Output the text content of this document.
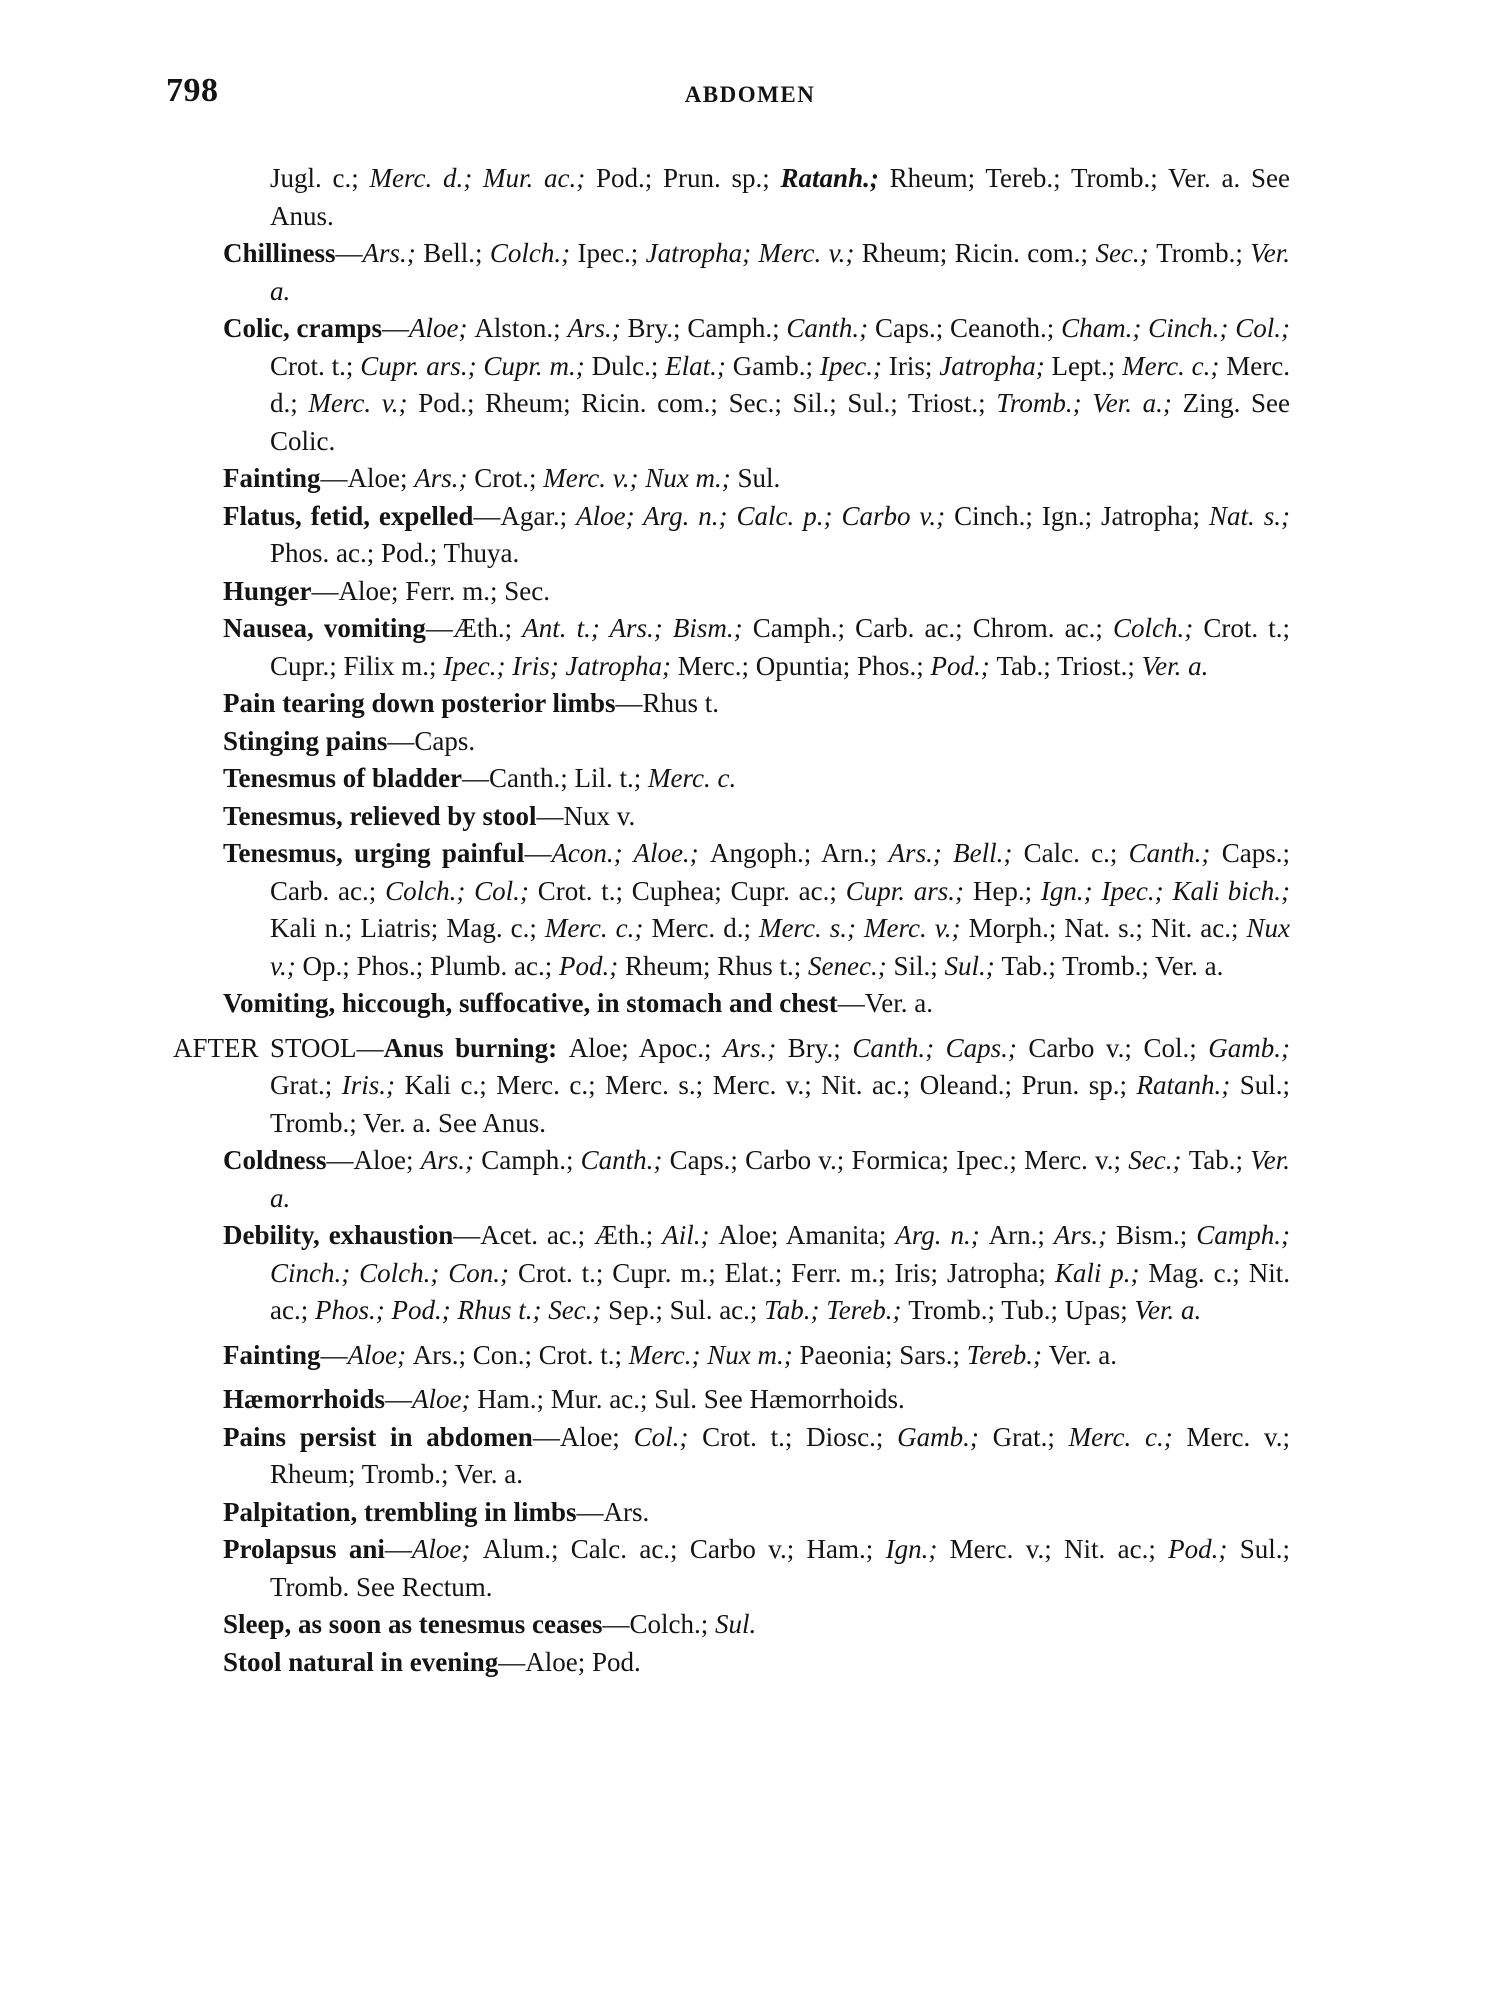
798	ABDOMEN
Jugl. c.; Merc. d.; Mur. ac.; Pod.; Prun. sp.; Ratanh.; Rheum; Tereb.; Tromb.; Ver. a. See Anus.
Chilliness—Ars.; Bell.; Colch.; Ipec.; Jatropha; Merc. v.; Rheum; Ricin. com.; Sec.; Tromb.; Ver. a.
Colic, cramps—Aloe; Alston.; Ars.; Bry.; Camph.; Canth.; Caps.; Ceanoth.; Cham.; Cinch.; Col.; Crot. t.; Cupr. ars.; Cupr. m.; Dulc.; Elat.; Gamb.; Ipec.; Iris; Jatropha; Lept.; Merc. c.; Merc. d.; Merc. v.; Pod.; Rheum; Ricin. com.; Sec.; Sil.; Sul.; Triost.; Tromb.; Ver. a.; Zing. See Colic.
Fainting—Aloe; Ars.; Crot.; Merc. v.; Nux m.; Sul.
Flatus, fetid, expelled—Agar.; Aloe; Arg. n.; Calc. p.; Carbo v.; Cinch.; Ign.; Jatropha; Nat. s.; Phos. ac.; Pod.; Thuya.
Hunger—Aloe; Ferr. m.; Sec.
Nausea, vomiting—Æth.; Ant. t.; Ars.; Bism.; Camph.; Carb. ac.; Chrom. ac.; Colch.; Crot. t.; Cupr.; Filix m.; Ipec.; Iris; Jatropha; Merc.; Opuntia; Phos.; Pod.; Tab.; Triost.; Ver. a.
Pain tearing down posterior limbs—Rhus t.
Stinging pains—Caps.
Tenesmus of bladder—Canth.; Lil. t.; Merc. c.
Tenesmus, relieved by stool—Nux v.
Tenesmus, urging painful—Acon.; Aloe.; Angoph.; Arn.; Ars.; Bell.; Calc. c.; Canth.; Caps.; Carb. ac.; Colch.; Col.; Crot. t.; Cuphea; Cupr. ac.; Cupr. ars.; Hep.; Ign.; Ipec.; Kali bich.; Kali n.; Liatris; Mag. c.; Merc. c.; Merc. d.; Merc. s.; Merc. v.; Morph.; Nat. s.; Nit. ac.; Nux v.; Op.; Phos.; Plumb. ac.; Pod.; Rheum; Rhus t.; Senec.; Sil.; Sul.; Tab.; Tromb.; Ver. a.
Vomiting, hiccough, suffocative, in stomach and chest—Ver. a.
AFTER STOOL—Anus burning: Aloe; Apoc.; Ars.; Bry.; Canth.; Caps.; Carbo v.; Col.; Gamb.; Grat.; Iris.; Kali c.; Merc. c.; Merc. s.; Merc. v.; Nit. ac.; Oleand.; Prun. sp.; Ratanh.; Sul.; Tromb.; Ver. a. See Anus.
Coldness—Aloe; Ars.; Camph.; Canth.; Caps.; Carbo v.; Formica; Ipec.; Merc. v.; Sec.; Tab.; Ver. a.
Debility, exhaustion—Acet. ac.; Æth.; Ail.; Aloe; Amanita; Arg. n.; Arn.; Ars.; Bism.; Camph.; Cinch.; Colch.; Con.; Crot. t.; Cupr. m.; Elat.; Ferr. m.; Iris; Jatropha; Kali p.; Mag. c.; Nit. ac.; Phos.; Pod.; Rhus t.; Sec.; Sep.; Sul. ac.; Tab.; Tereb.; Tromb.; Tub.; Upas; Ver. a.
Fainting—Aloe; Ars.; Con.; Crot. t.; Merc.; Nux m.; Paeonia; Sars.; Tereb.; Ver. a.
Hæmorrhoids—Aloe; Ham.; Mur. ac.; Sul. See Hæmorrhoids.
Pains persist in abdomen—Aloe; Col.; Crot. t.; Diosc.; Gamb.; Grat.; Merc. c.; Merc. v.; Rheum; Tromb.; Ver. a.
Palpitation, trembling in limbs—Ars.
Prolapsus ani—Aloe; Alum.; Calc. ac.; Carbo v.; Ham.; Ign.; Merc. v.; Nit. ac.; Pod.; Sul.; Tromb. See Rectum.
Sleep, as soon as tenesmus ceases—Colch.; Sul.
Stool natural in evening—Aloe; Pod.
